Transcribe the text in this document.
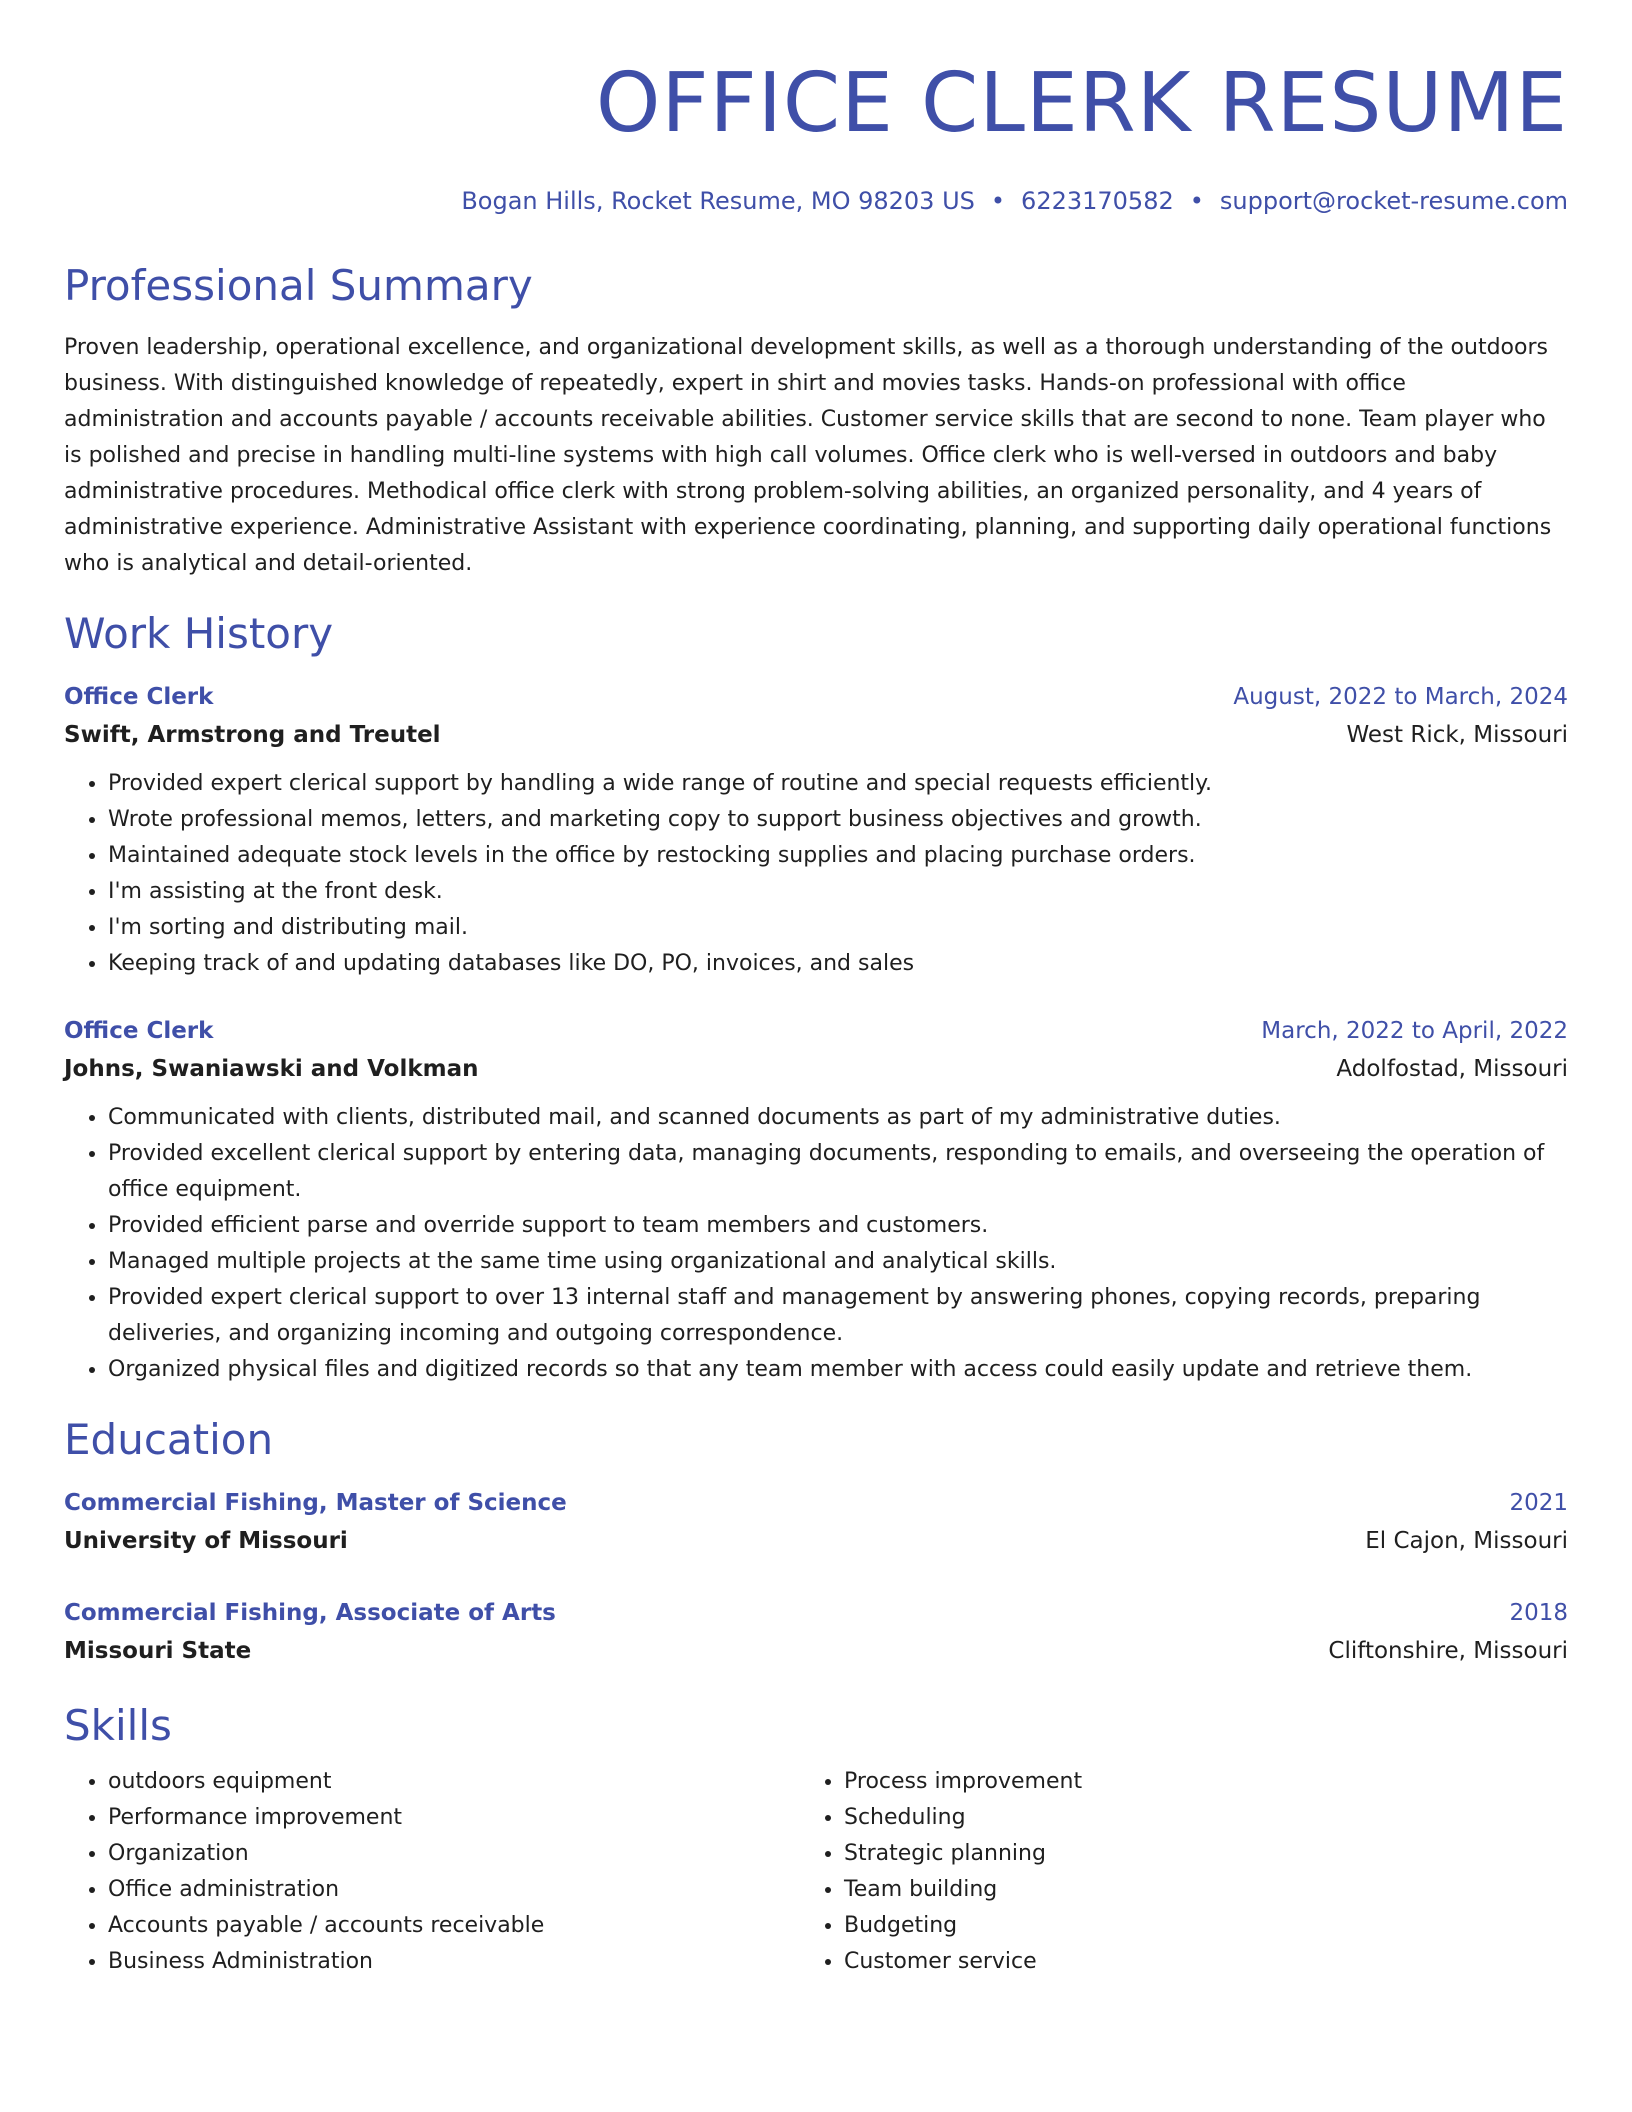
OFFICE CLERK RESUME
Bogan Hills, Rocket Resume, MO 98203 US • 6223170582 • support@rocket-resume.com
Professional Summary
Proven leadership, operational excellence, and organizational development skills, as well as a thorough understanding of the outdoors business. With distinguished knowledge of repeatedly, expert in shirt and movies tasks. Hands-on professional with office administration and accounts payable / accounts receivable abilities. Customer service skills that are second to none. Team player who is polished and precise in handling multi-line systems with high call volumes. Office clerk who is well-versed in outdoors and baby administrative procedures. Methodical office clerk with strong problem-solving abilities, an organized personality, and 4 years of administrative experience. Administrative Assistant with experience coordinating, planning, and supporting daily operational functions who is analytical and detail-oriented.
Work History
Office Clerk	August, 2022 to March, 2024
Swift, Armstrong and Treutel	West Rick, Missouri
• Provided expert clerical support by handling a wide range of routine and special requests efficiently.
• Wrote professional memos, letters, and marketing copy to support business objectives and growth.
• Maintained adequate stock levels in the office by restocking supplies and placing purchase orders.
• I'm assisting at the front desk.
• I'm sorting and distributing mail.
• Keeping track of and updating databases like DO, PO, invoices, and sales
Office Clerk	March, 2022 to April, 2022
Johns, Swaniawski and Volkman	Adolfostad, Missouri
• Communicated with clients, distributed mail, and scanned documents as part of my administrative duties.
• Provided excellent clerical support by entering data, managing documents, responding to emails, and overseeing the operation of office equipment.
• Provided efficient parse and override support to team members and customers.
• Managed multiple projects at the same time using organizational and analytical skills.
• Provided expert clerical support to over 13 internal staff and management by answering phones, copying records, preparing deliveries, and organizing incoming and outgoing correspondence.
• Organized physical files and digitized records so that any team member with access could easily update and retrieve them.
Education
Commercial Fishing, Master of Science	2021
University of Missouri	El Cajon, Missouri
Commercial Fishing, Associate of Arts	2018
Missouri State	Cliftonshire, Missouri
Skills
• outdoors equipment
• Performance improvement
• Organization
• Office administration
• Accounts payable / accounts receivable
• Business Administration
• Process improvement
• Scheduling
• Strategic planning
• Team building
• Budgeting
• Customer service
